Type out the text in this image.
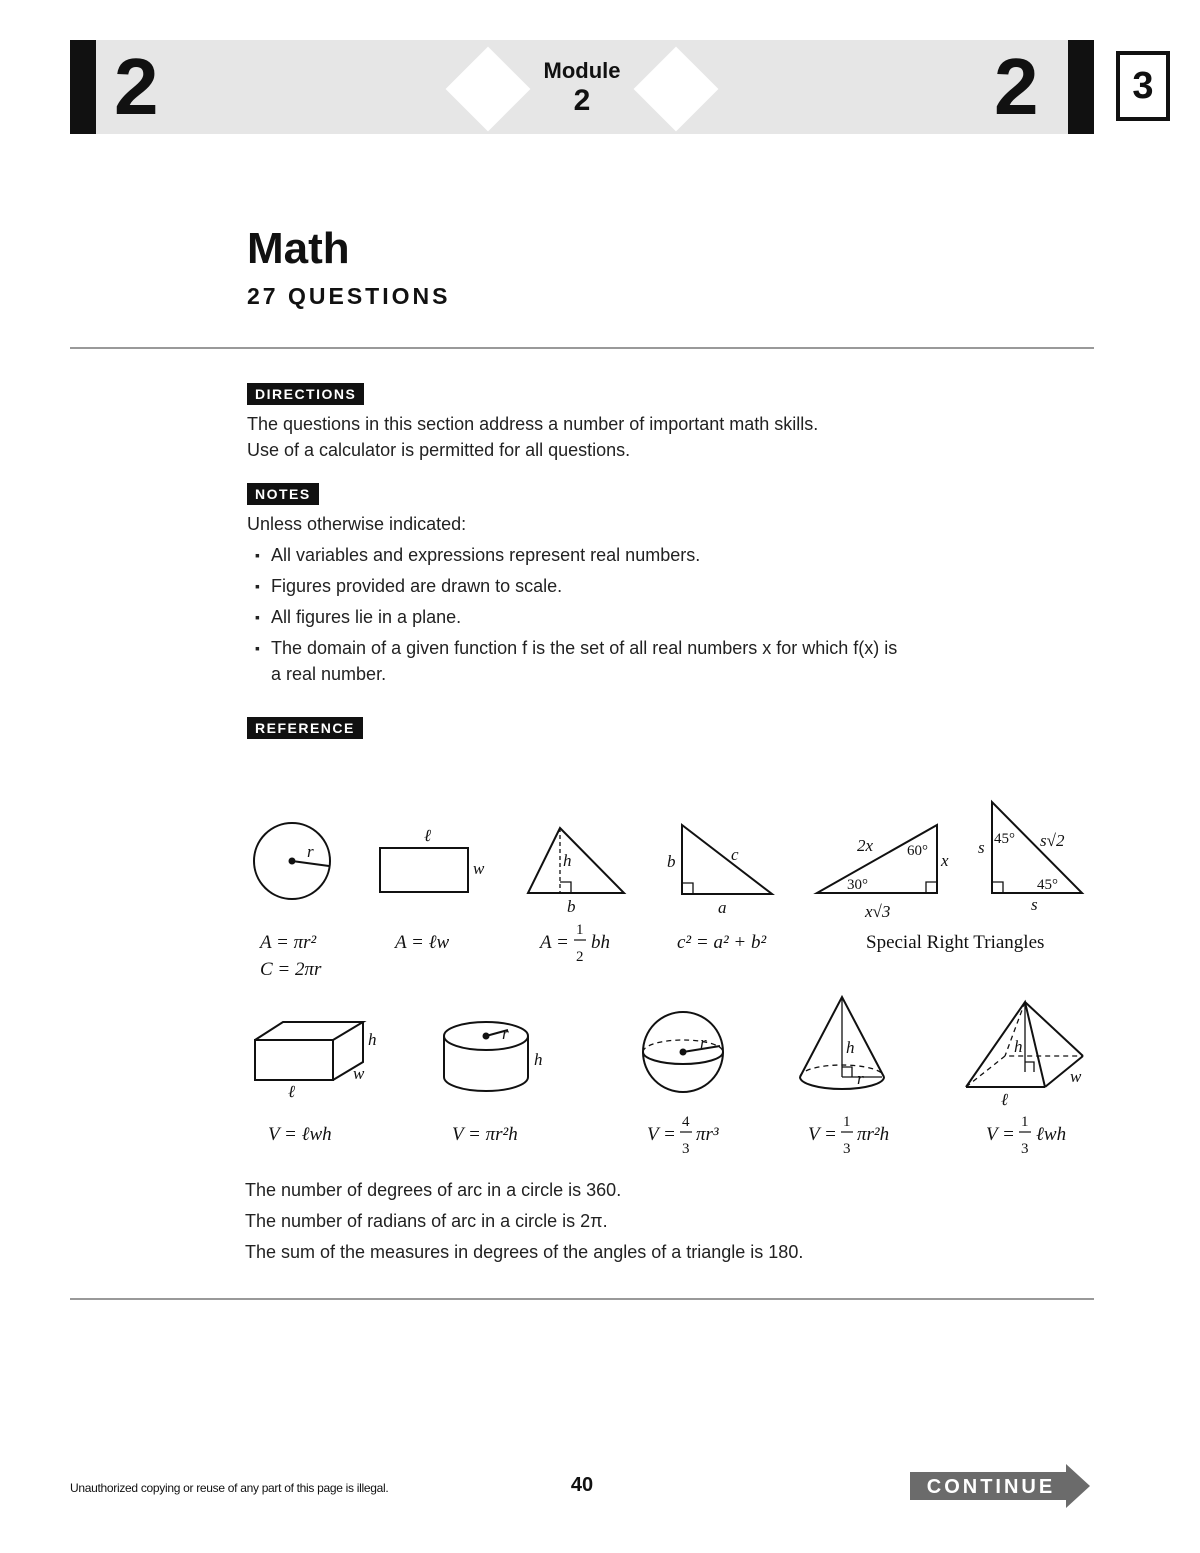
2	2
Module
2	3
Math
27 QUESTIONS
DIRECTIONS
The questions in this section address a number of important math skills.
Use of a calculator is permitted for all questions.
NOTES
Unless otherwise indicated:
▪ All variables and expressions represent real numbers.
▪ Figures provided are drawn to scale.
▪ All figures lie in a plane.
▪ The domain of a given function f is the set of all real numbers x for which f(x) is a real number.
REFERENCE
r
ℓ
w	h
b
b	c
a
2x
x
x√3
s	s√2
s
h
w
ℓ
r
h
r	h
r
h
w
ℓ
60°
30°
45°
45°
A = πr²
C = 2πr
A = ℓw	A =
1
2
bh	c² = a² + b²	Special Right Triangles
V = ℓwh	V = πr²h	V =
4
3
πr³	V =
1
3
πr²h	V =
1
3
ℓwh
The number of degrees of arc in a circle is 360.
The number of radians of arc in a circle is 2π.
The sum of the measures in degrees of the angles of a triangle is 180.
Unauthorized copying or reuse of any part of this page is illegal.	40	CONTINUE
